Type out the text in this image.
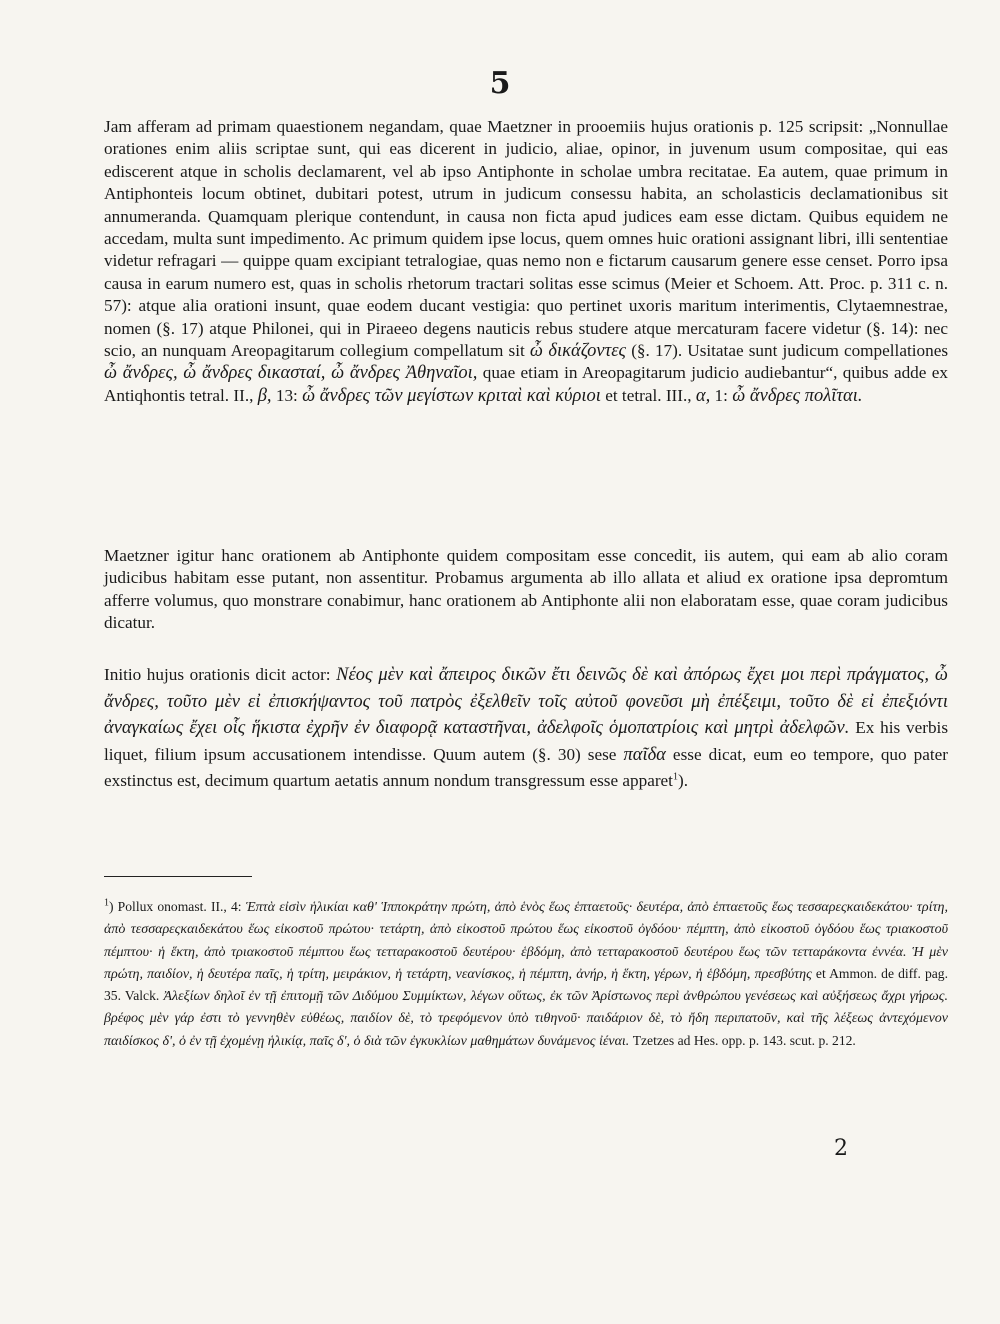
5

Jam afferam ad primam quaestionem negandam, quae Maetzner in prooemiis hujus orationis p. 125 scripsit: „Nonnullae orationes enim aliis scriptae sunt, qui eas dicerent in judicio, aliae, opinor, in juvenum usum compositae, qui eas ediscerent atque in scholis declamarent, vel ab ipso Antiphonte in scholae umbra recitatae. Ea autem, quae primum in Antiphonteis locum obtinet, dubitari potest, utrum in judicum consessu habita, an scholasticis declamationibus sit annumeranda. Quamquam plerique contendunt, in causa non ficta apud judices eam esse dictam. Quibus equidem ne accedam, multa sunt impedimento. Ac primum quidem ipse locus, quem omnes huic orationi assignant libri, illi sententiae videtur refragari — quippe quam excipiant tetralogiae, quas nemo non e fictarum causarum genere esse censet. Porro ipsa causa in earum numero est, quas in scholis rhetorum tractari solitas esse scimus (Meier et Schoem. Att. Proc. p. 311 c. n. 57): atque alia orationi insunt, quae eodem ducant vestigia: quo pertinet uxoris maritum interimentis, Clytaemnestrae, nomen (§. 17) atque Philonei, qui in Piraeeo degens nauticis rebus studere atque mercaturam facere videtur (§. 14): nec scio, an nunquam Areopagitarum collegium compellatum sit ὦ δικάζοντες (§. 17). Usitatae sunt judicum compellationes ὦ ἄνδρες, ὦ ἄνδρες δικασταί, ὦ ἄνδρες Ἀθηναῖοι, quae etiam in Areopagitarum judicio audiebantur“, quibus adde ex Antiqhontis tetral. II., β, 13: ὦ ἄνδρες τῶν μεγίστων κριταὶ καὶ κύριοι et tetral. III., α, 1: ὦ ἄνδρες πολῖται.

Maetzner igitur hanc orationem ab Antiphonte quidem compositam esse concedit, iis autem, qui eam ab alio coram judicibus habitam esse putant, non assentitur. Probamus argumenta ab illo allata et aliud ex oratione ipsa depromtum afferre volumus, quo monstrare conabimur, hanc orationem ab Antiphonte alii non elaboratam esse, quae coram judicibus dicatur.

Initio hujus orationis dicit actor: Νέος μὲν καὶ ἄπειρος δικῶν ἔτι δεινῶς δὲ καὶ ἀπόρως ἔχει μοι περὶ πράγματος, ὦ ἄνδρες, τοῦτο μὲν εἰ ἐπισκήψαντος τοῦ πατρὸς ἐξελθεῖν τοῖς αὐτοῦ φονεῦσι μὴ ἐπέξειμι, τοῦτο δὲ εἰ ἐπεξιόντι ἀναγκαίως ἔχει οἷς ἥκιστα ἐχρῆν ἐν διαφορᾷ καταστῆναι, ἀδελφοῖς ὁμοπατρίοις καὶ μητρὶ ἀδελφῶν. Ex his verbis liquet, filium ipsum accusationem intendisse. Quum autem (§. 30) sese παῖδα esse dicat, eum eo tempore, quo pater exstinctus est, decimum quartum aetatis annum nondum transgressum esse apparet$^1$).

$^1$) Pollux onomast. II., 4: Ἑπτὰ εἰσὶν ἡλικίαι καθ' Ἱπποκράτην πρώτη, ἀπὸ ἑνὸς ἕως ἑπταετοῦς· δευτέρα, ἀπὸ ἑπταετοῦς ἕως τεσσαρεςκαιδεκάτου· τρίτη, ἀπὸ τεσσαρεςκαιδεκάτου ἕως εἰκοστοῦ πρώτου· τετάρτη, ἀπὸ εἰκοστοῦ πρώτου ἕως εἰκοστοῦ ὀγδόου· πέμπτη, ἀπὸ εἰκοστοῦ ὀγδόου ἕως τριακοστοῦ πέμπτου· ἡ ἕκτη, ἀπὸ τριακοστοῦ πέμπτου ἕως τετταρακοστοῦ δευτέρου· ἑβδόμη, ἀπὸ τετταρακοστοῦ δευτέρου ἕως τῶν τετταράκοντα ἐννέα. Ἡ μὲν πρώτη, παιδίον, ἡ δευτέρα παῖς, ἡ τρίτη, μειράκιον, ἡ τετάρτη, νεανίσκος, ἡ πέμπτη, ἀνήρ, ἡ ἕκτη, γέρων, ἡ ἑβδόμη, πρεσβύτης et Ammon. de diff. pag. 35. Valck. Ἀλεξίων δηλοῖ ἐν τῇ ἐπιτομῇ τῶν Διδύμου Συμμίκτων, λέγων οὕτως, ἐκ τῶν Ἀρίστωνος περὶ ἀνθρώπου γενέσεως καὶ αὐξήσεως ἄχρι γήρως. βρέφος μὲν γάρ ἐστι τὸ γεννηθὲν εὐθέως, παιδίον δὲ, τὸ τρεφόμενον ὑπὸ τιθηνοῦ· παιδάριον δὲ, τὸ ἤδη περιπατοῦν, καὶ τῆς λέξεως ἀντεχόμενον παιδίσκος δ', ὁ ἐν τῇ ἐχομένῃ ἡλικίᾳ, παῖς δ', ὁ διὰ τῶν ἐγκυκλίων μαθημάτων δυνάμενος ἰέναι. Tzetzes ad Hes. opp. p. 143. scut. p. 212.

2
